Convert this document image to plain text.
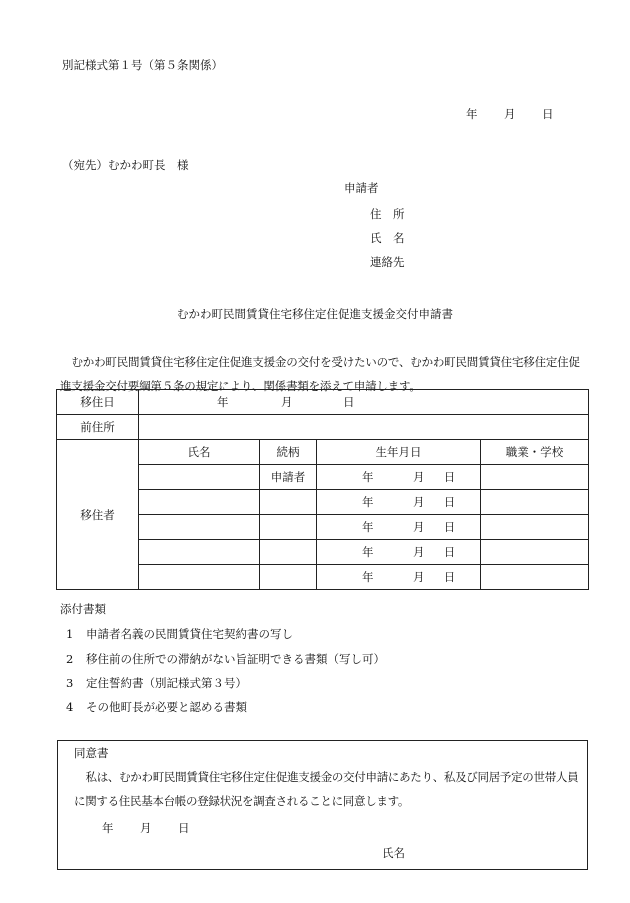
別記様式第１号（第５条関係）
年 月 日
（宛先）むかわ町長　様
申請者
住　所
氏　名
連絡先
むかわ町民間賃貸住宅移住定住促進支援金交付申請書
むかわ町民間賃貸住宅移住定住促進支援金の交付を受けたいので、むかわ町民間賃貸住宅移住定住促進支援金交付要綱第５条の規定により、関係書類を添えて申請します。
移住日	年 月 日			
前住所				
移住者	氏名	続柄	生年月日	職業・学校
		申請者	年 月 日	
			年 月 日	
			年 月 日	
			年 月 日	
			年 月 日	
添付書類
1 申請者名義の民間賃貸住宅契約書の写し
2 移住前の住所での滞納がない旨証明できる書類（写し可）
3 定住誓約書（別記様式第３号）
4 その他町長が必要と認める書類
同意書
私は、むかわ町民間賃貸住宅移住定住促進支援金の交付申請にあたり、私及び同居予定の世帯人員に関する住民基本台帳の登録状況を調査されることに同意します。
年 月 日
氏名
